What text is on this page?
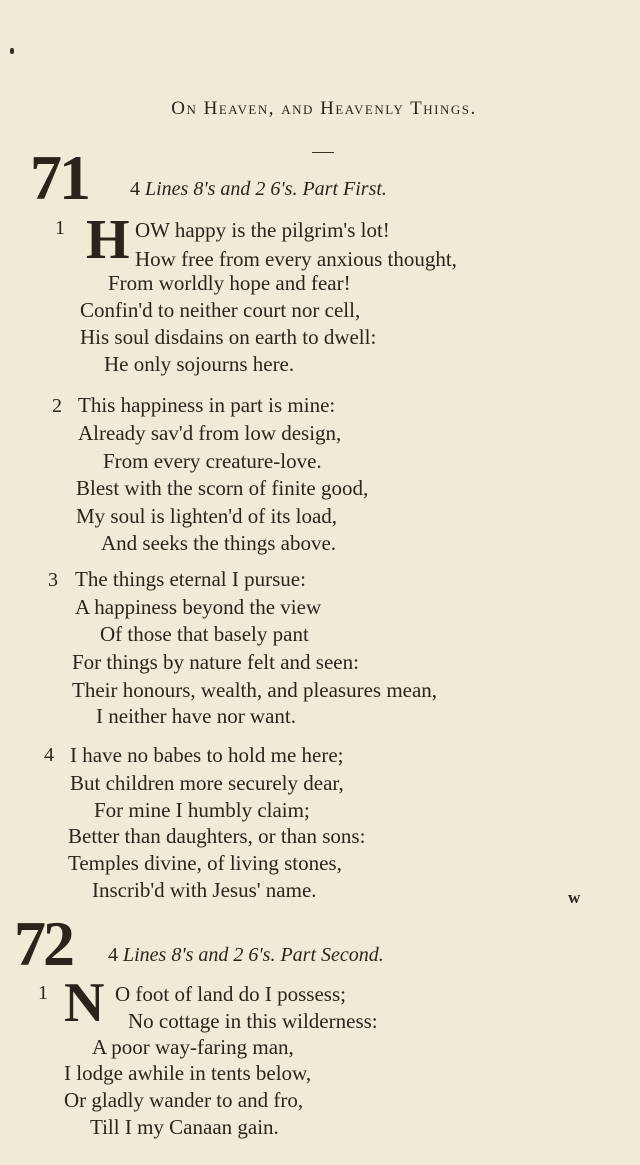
On Heaven, and Heavenly Things.
71 4 Lines 8's and 2 6's. Part First.
1 H OW happy is the pilgrim's lot!
How free from every anxious thought,
From worldly hope and fear!
Confin'd to neither court nor cell,
His soul disdains on earth to dwell:
He only sojourns here.
2 This happiness in part is mine:
Already sav'd from low design,
From every creature-love.
Blest with the scorn of finite good,
My soul is lighten'd of its load,
And seeks the things above.
3 The things eternal I pursue:
A happiness beyond the view
Of those that basely pant
For things by nature felt and seen:
Their honours, wealth, and pleasures mean,
I neither have nor want.
4 I have no babes to hold me here;
But children more securely dear,
For mine I humbly claim;
Better than daughters, or than sons:
Temples divine, of living stones,
Inscrib'd with Jesus' name.	w
72 4 Lines 8's and 2 6's. Part Second.
1 N O foot of land do I possess;
No cottage in this wilderness:
A poor way-faring man,
I lodge awhile in tents below,
Or gladly wander to and fro,
Till I my Canaan gain.
